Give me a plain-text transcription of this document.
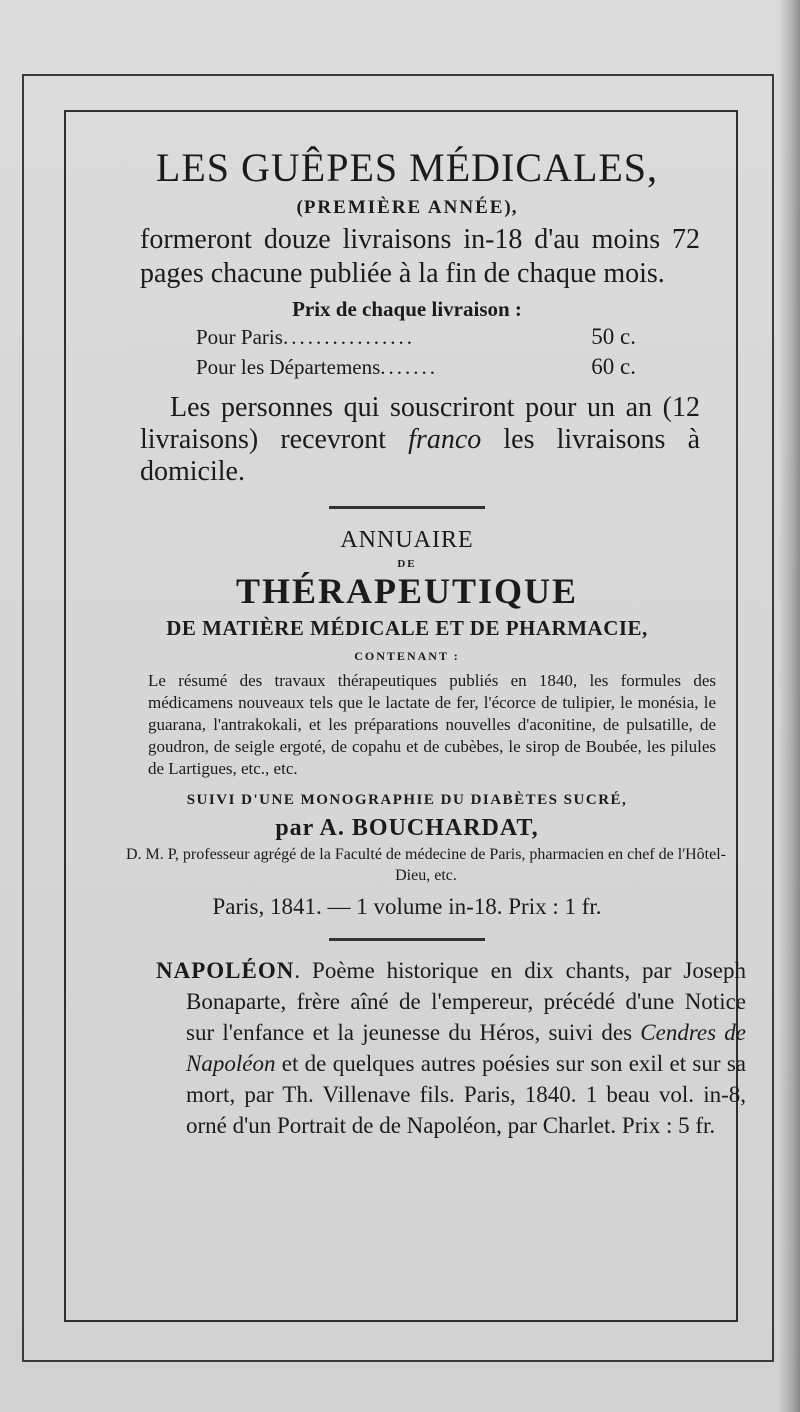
LES GUÊPES MÉDICALES,
(PREMIÈRE ANNÉE),
formeront douze livraisons in-18 d'au moins 72 pages chacune publiée à la fin de chaque mois.
Prix de chaque livraison :
Pour Paris ................	50 c.
Pour les Départemens .......	60 c.
Les personnes qui souscriront pour un an (12 livraisons) recevront franco les livraisons à domicile.
ANNUAIRE
DE
THÉRAPEUTIQUE
DE MATIÈRE MÉDICALE ET DE PHARMACIE,
CONTENANT :
Le résumé des travaux thérapeutiques publiés en 1840, les formules des médicamens nouveaux tels que le lactate de fer, l'écorce de tulipier, le monésia, le guarana, l'antrakokali, et les préparations nouvelles d'aconitine, de pulsatille, de goudron, de seigle ergoté, de copahu et de cubèbes, le sirop de Boubée, les pilules de Lartigues, etc., etc.
SUIVI D'UNE MONOGRAPHIE DU DIABÈTES SUCRÉ,
par A. BOUCHARDAT,
D. M. P, professeur agrégé de la Faculté de médecine de Paris, pharmacien en chef de l'Hôtel-Dieu, etc.
Paris, 1841. — 1 volume in-18. Prix : 1 fr.
NAPOLÉON. Poème historique en dix chants, par Joseph Bonaparte, frère aîné de l'empereur, précédé d'une Notice sur l'enfance et la jeunesse du Héros, suivi des Cendres de Napoléon et de quelques autres poésies sur son exil et sur sa mort, par Th. Villenave fils. Paris, 1840. 1 beau vol. in-8, orné d'un Portrait de de Napoléon, par Charlet. Prix : 5 fr.
